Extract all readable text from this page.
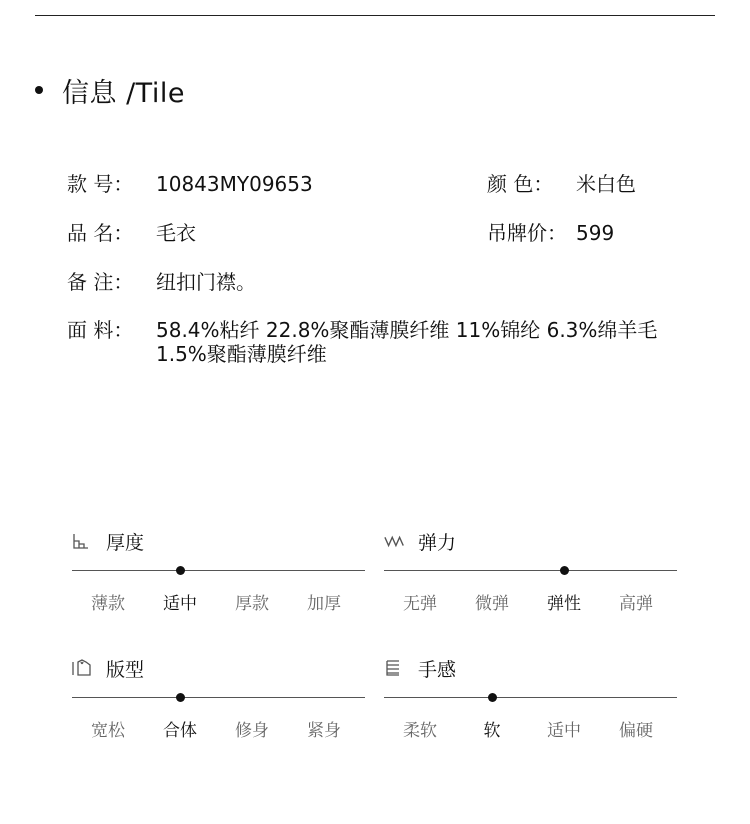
信息 /Tile
款 号： 10843MY09653	颜 色： 米白色
品 名： 毛衣	吊牌价： 599
备 注： 纽扣门襟。
面 料：	58.4%粘纤 22.8%聚酯薄膜纤维 11%锦纶 6.3%绵羊毛 1.5%聚酯薄膜纤维
厚度
薄款	适中	厚款	加厚
弹力
无弹	微弹	弹性	高弹
版型
宽松	合体	修身	紧身
手感
柔软	软	适中	偏硬
